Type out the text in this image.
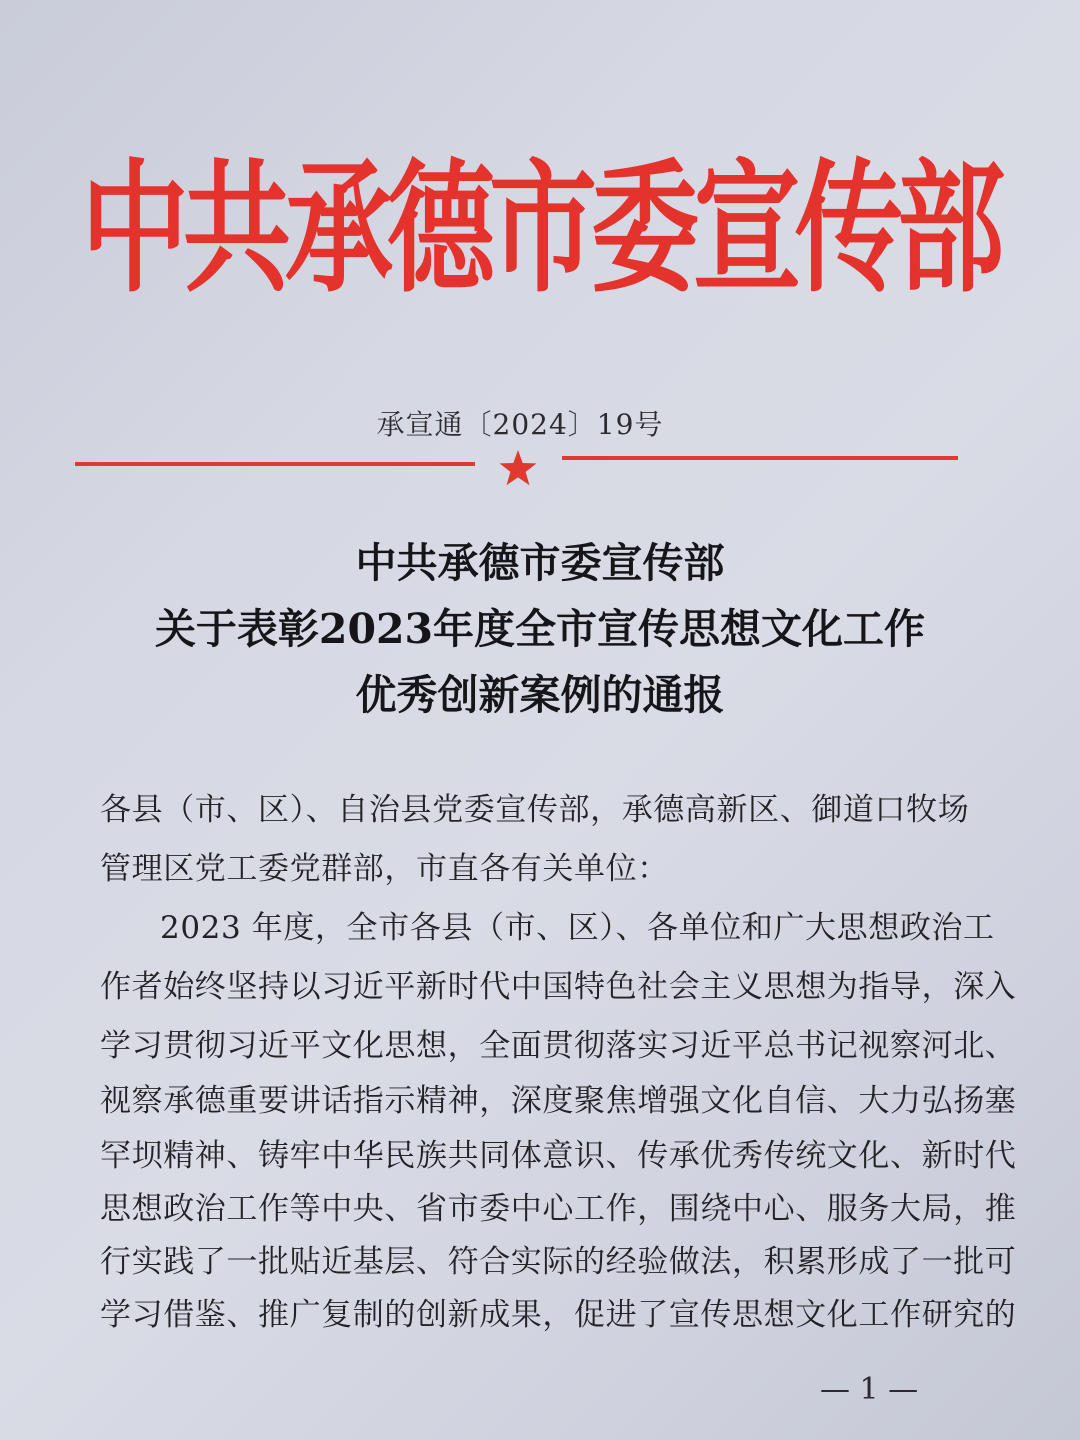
中共承德市委宣传部
承宣通〔2024〕19号
中共承德市委宣传部
关于表彰2023年度全市宣传思想文化工作
优秀创新案例的通报
各县（市、区）、自治县党委宣传部，承德高新区、御道口牧场
管理区党工委党群部，市直各有关单位：
2023 年度，全市各县（市、区）、各单位和广大思想政治工
作者始终坚持以习近平新时代中国特色社会主义思想为指导，深入
学习贯彻习近平文化思想，全面贯彻落实习近平总书记视察河北、
视察承德重要讲话指示精神，深度聚焦增强文化自信、大力弘扬塞
罕坝精神、铸牢中华民族共同体意识、传承优秀传统文化、新时代
思想政治工作等中央、省市委中心工作，围绕中心、服务大局，推
行实践了一批贴近基层、符合实际的经验做法，积累形成了一批可
学习借鉴、推广复制的创新成果，促进了宣传思想文化工作研究的
— 1 —
